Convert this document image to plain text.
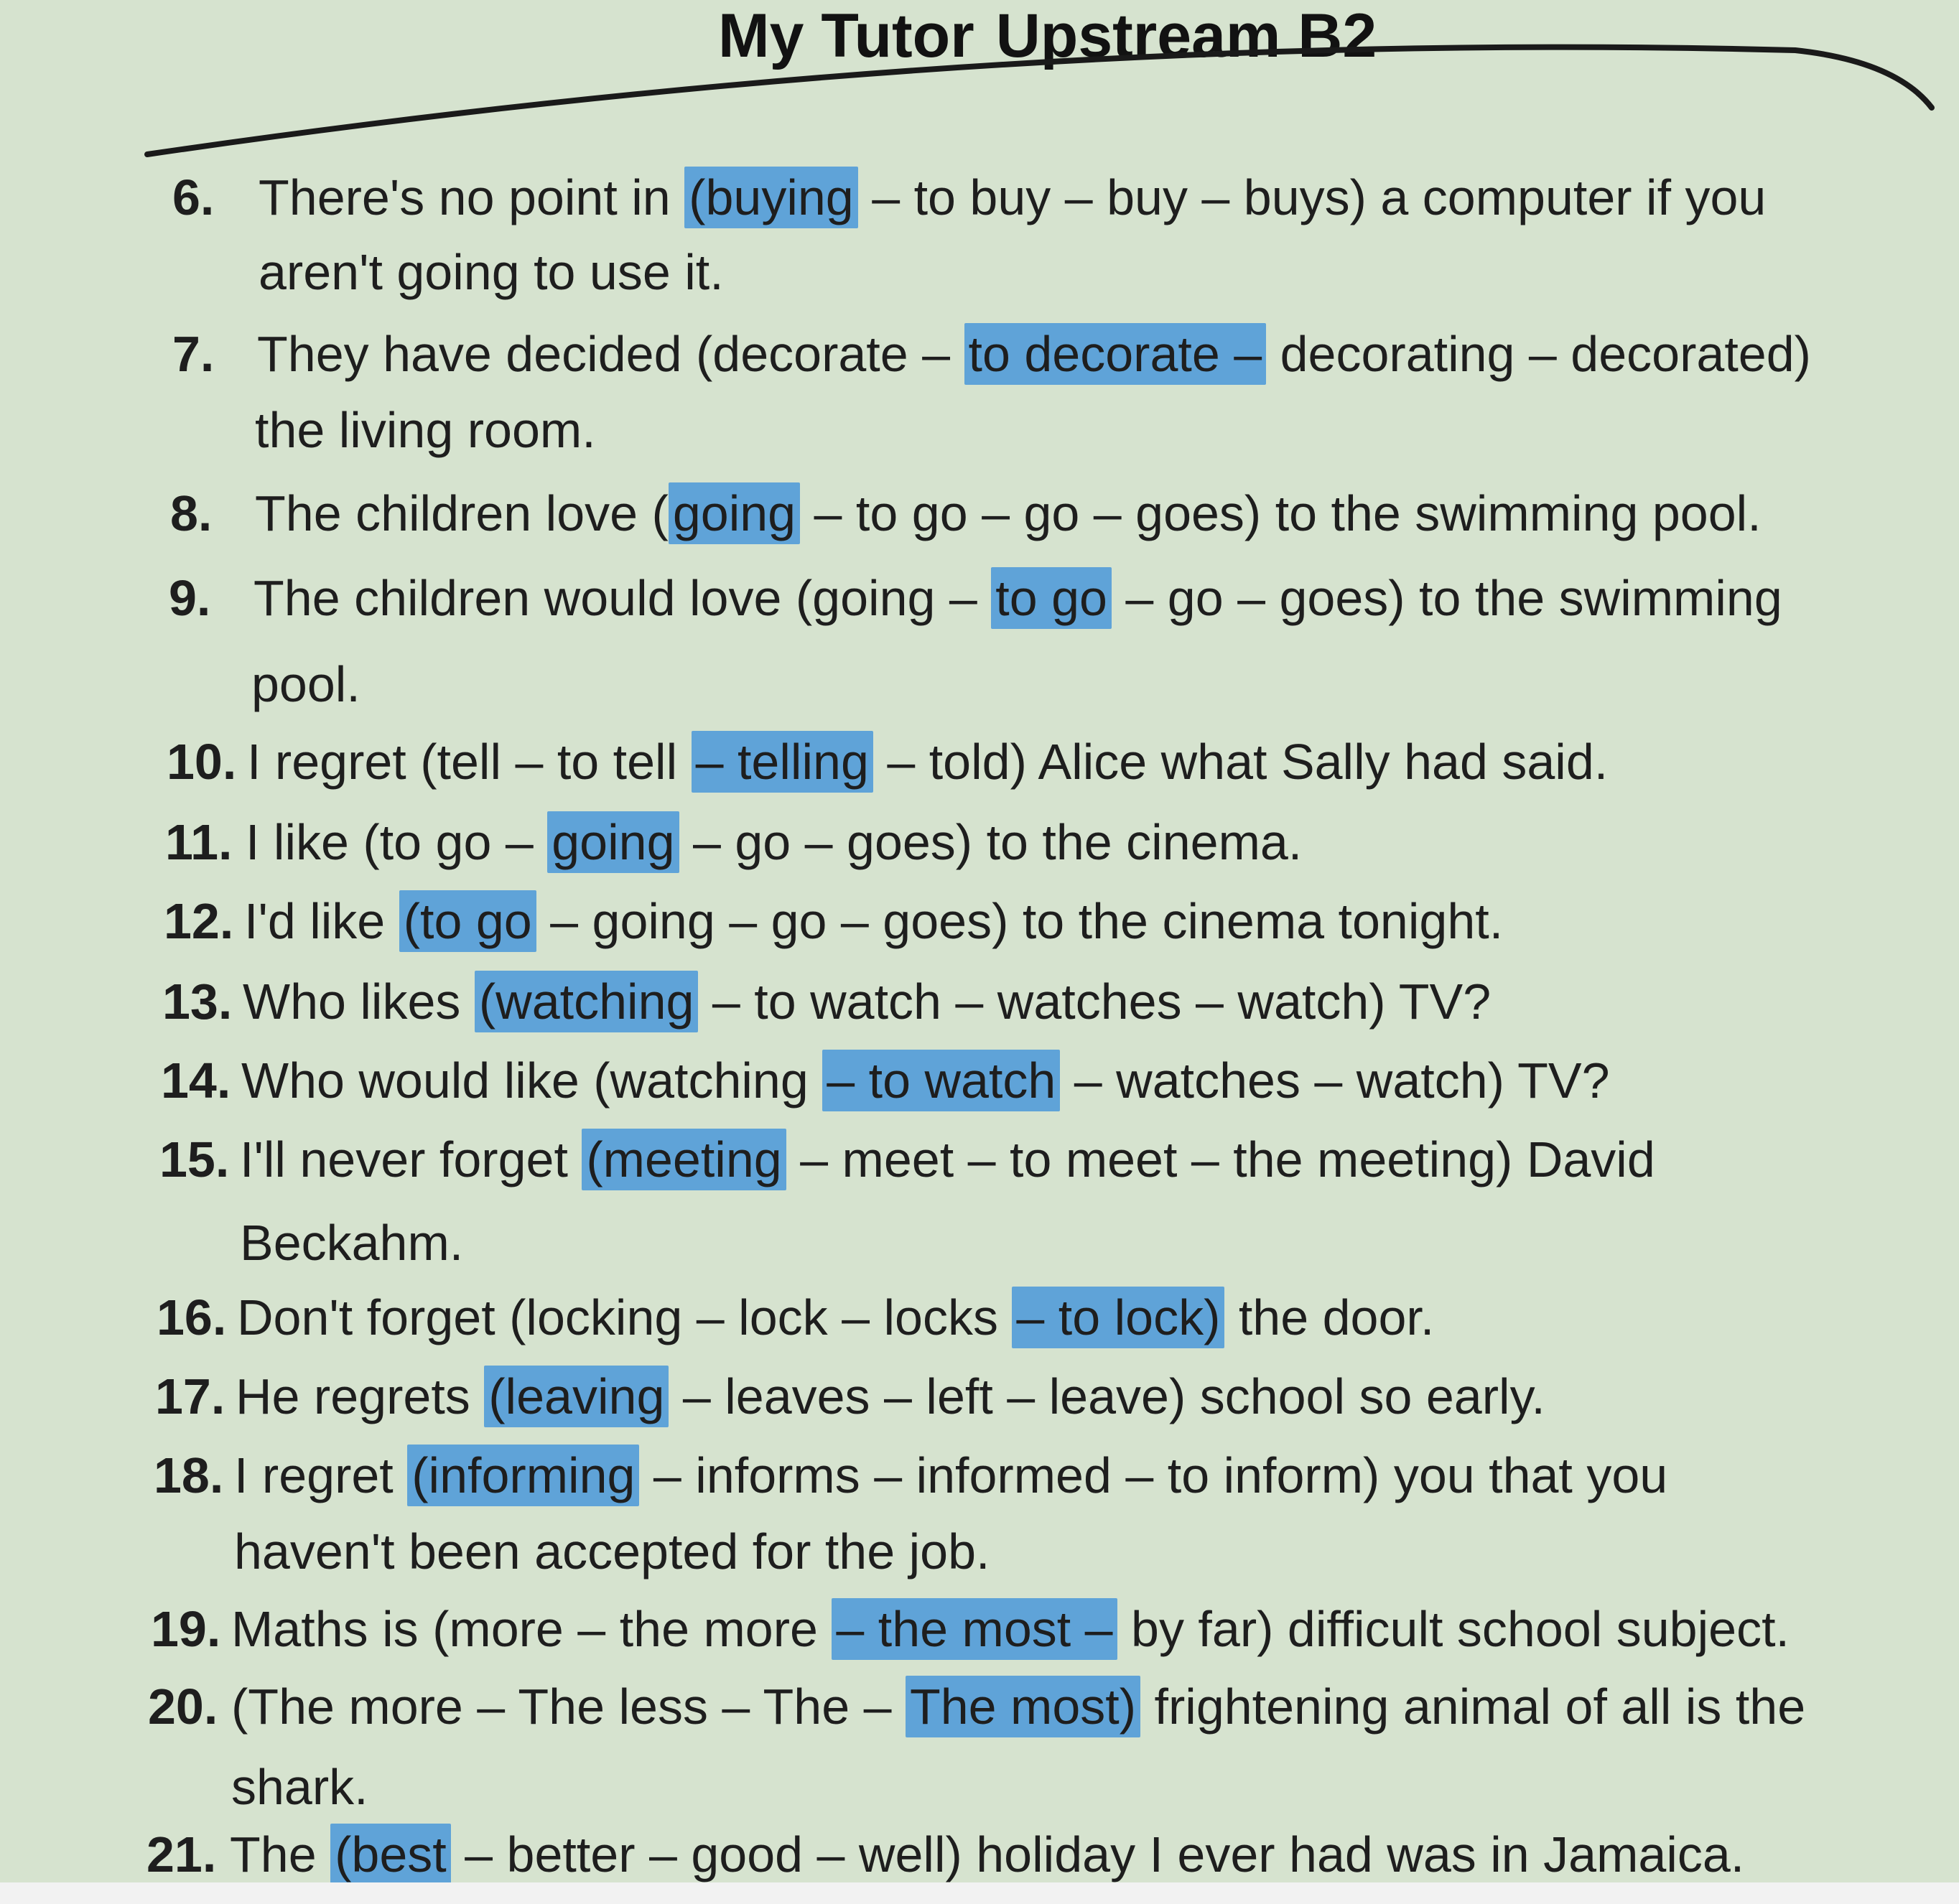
My Tutor Upstream B2
6. There's no point in (buying – to buy – buy – buys) a computer if you
aren't going to use it.
7. They have decided (decorate – to decorate – decorating – decorated)
the living room.
8. The children love (going – to go – go – goes) to the swimming pool.
9. The children would love (going – to go – go – goes) to the swimming
pool.
10. I regret (tell – to tell – telling – told) Alice what Sally had said.
11. I like (to go – going – go – goes) to the cinema.
12. I'd like (to go – going – go – goes) to the cinema tonight.
13. Who likes (watching – to watch – watches – watch) TV?
14. Who would like (watching – to watch – watches – watch) TV?
15. I'll never forget (meeting – meet – to meet – the meeting) David
Beckahm.
16. Don't forget (locking – lock – locks – to lock) the door.
17. He regrets (leaving – leaves – left – leave) school so early.
18. I regret (informing – informs – informed – to inform) you that you
haven't been accepted for the job.
19. Maths is (more – the more – the most – by far) difficult school subject.
20. (The more – The less – The – The most) frightening animal of all is the
shark.
21. The (best – better – good – well) holiday I ever had was in Jamaica.
